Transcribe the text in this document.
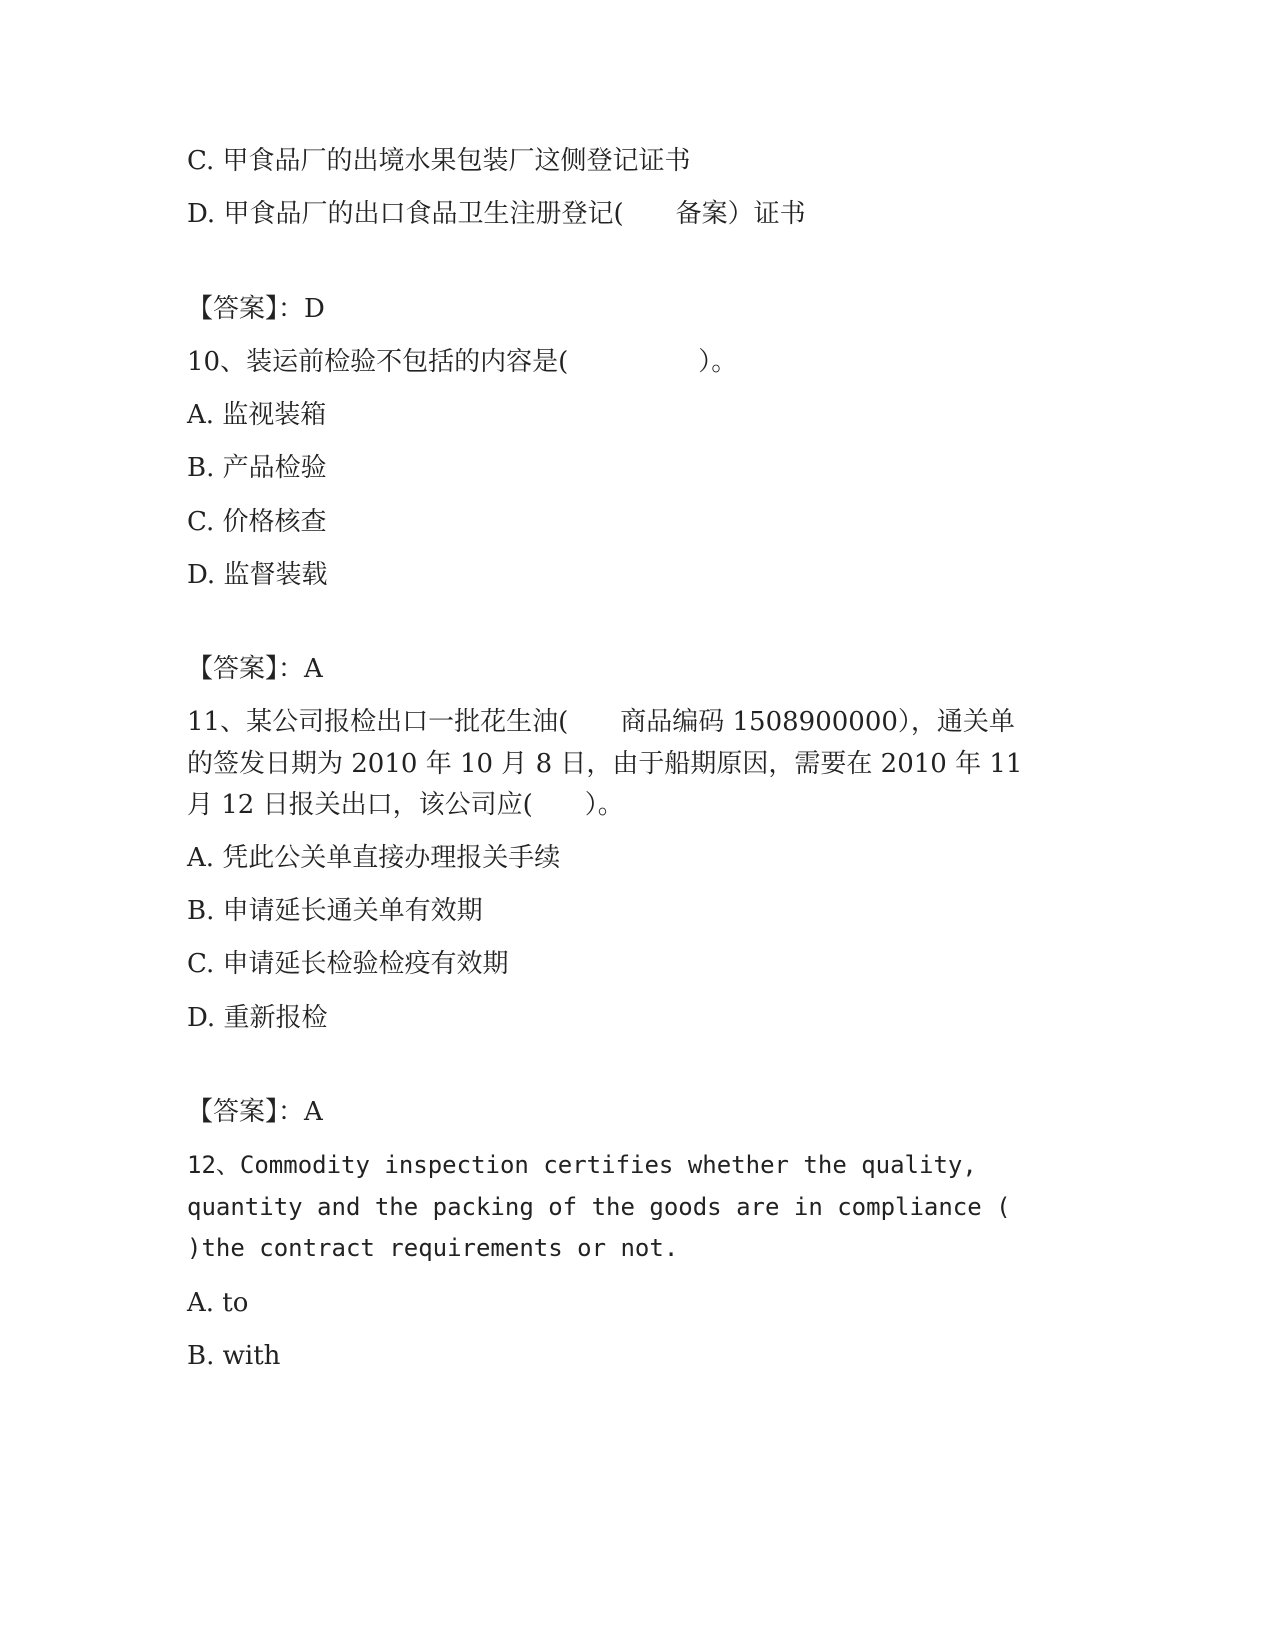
C. 甲食品厂的出境水果包装厂这侧登记证书
D. 甲食品厂的出口食品卫生注册登记(　　备案）证书
【答案】：D
10、装运前检验不包括的内容是(　　　　　）。
A. 监视装箱
B. 产品检验
C. 价格核查
D. 监督装载
【答案】：A
11、某公司报检出口一批花生油(　　商品编码 1508900000），通关单
的签发日期为 2010 年 10 月 8 日，由于船期原因，需要在 2010 年 11
月 12 日报关出口，该公司应(　　）。
A. 凭此公关单直接办理报关手续
B. 申请延长通关单有效期
C. 申请延长检验检疫有效期
D. 重新报检
【答案】：A
12、Commodity inspection certifies whether the quality,
quantity and the packing of the goods are in compliance (
)the contract requirements or not.
A. to
B. with
